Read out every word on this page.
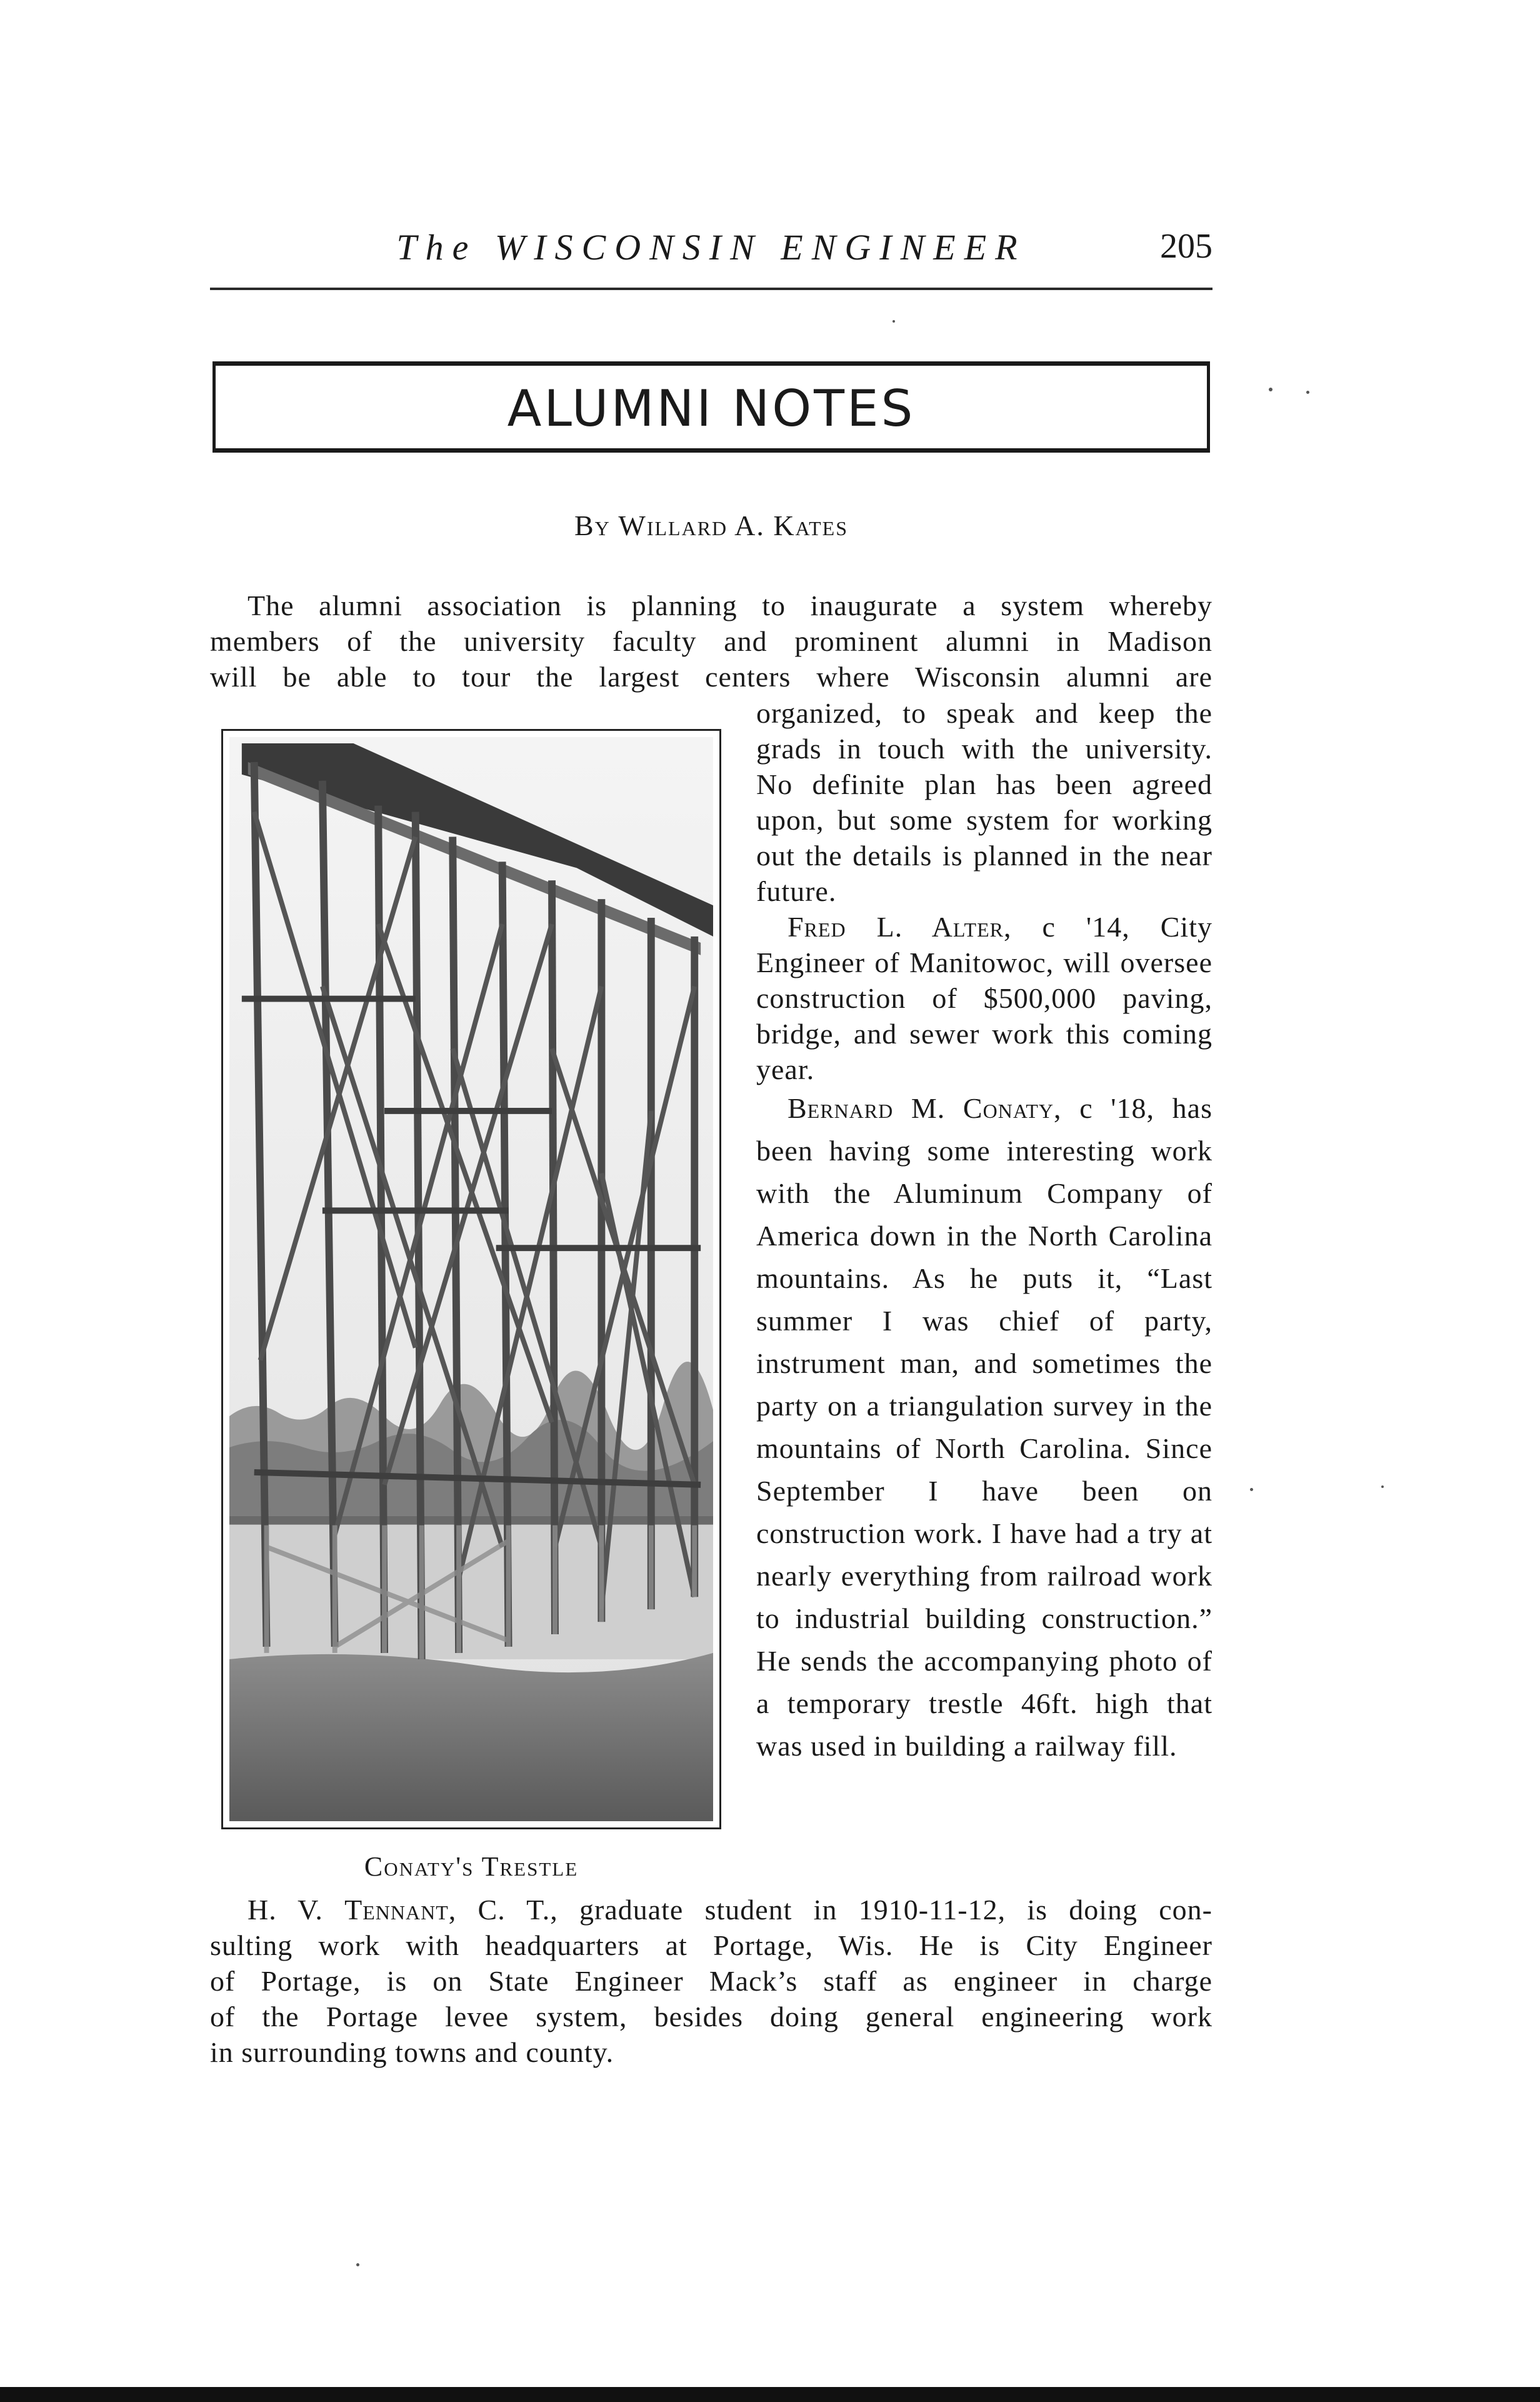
The WISCONSIN ENGINEER	205
ALUMNI NOTES
By Willard A. Kates
The alumni association is planning to inaugurate a system whereby
members of the university faculty and prominent alumni in Madison
will be able to tour the largest centers where Wisconsin alumni are
Conaty's Trestle

organized, to speak and keep the grads in touch with the university. No definite plan has been agreed upon, but some system for working out the details is planned in the near future.

Fred L. Alter, c '14, City Engineer of Manitowoc, will oversee construction of $500,000 paving, bridge, and sewer work this coming year.

Bernard M. Conaty, c '18, has been having some interesting work with the Aluminum Company of America down in the North Carolina mountains. As he puts it, “Last summer I was chief of party, instrument man, and sometimes the party on a triangulation survey in the mountains of North Carolina. Since September I have been on construction work. I have had a try at nearly everything from railroad work to industrial building construction.” He sends the accompanying photo of a temporary trestle 46ft. high that was used in building a railway fill.

H. V. Tennant, C. T., graduate student in 1910-11-12, is doing con-
sulting work with headquarters at Portage, Wis. He is City Engineer
of Portage, is on State Engineer Mack’s staff as engineer in charge
of the Portage levee system, besides doing general engineering work
in surrounding towns and county.
